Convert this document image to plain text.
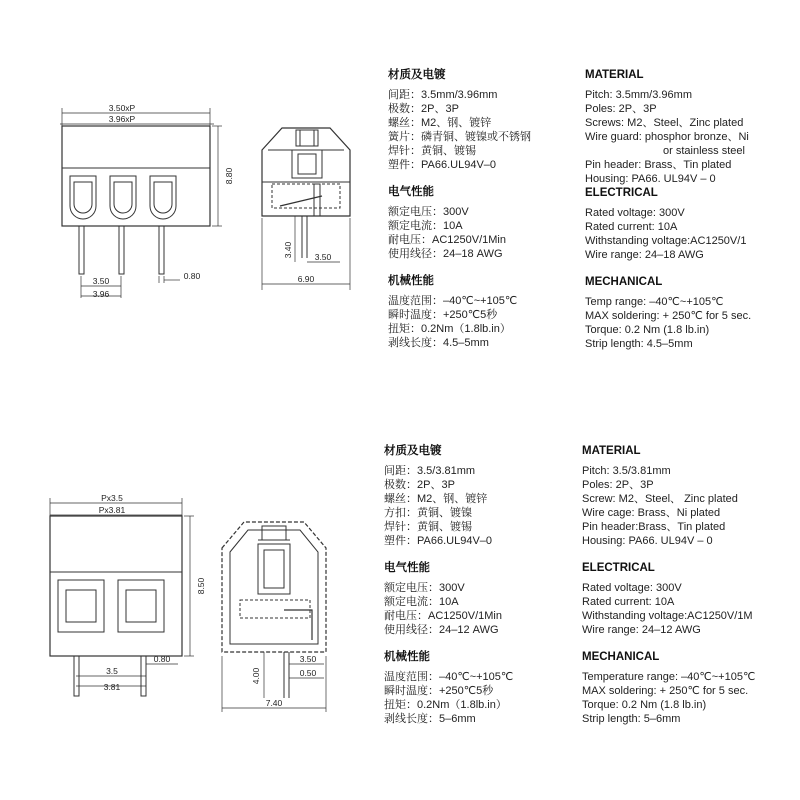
3.50xP
3.96xP
8.80
3.50
3.96
0.80	6.90
3.40	3.50
Px3.5
Px3.81
8.50
3.5
3.81
0.80	3.50
0.50
4.00
7.40
材质及电镀
间距：3.5mm/3.96mm
极数：2P、3P
螺丝：M2、钢、镀锌
簧片：磷青铜、镀镍或不锈钢
焊针：黄铜、镀锡
塑件：PA66.UL94V–0
电气性能
额定电压：300V
额定电流：10A
耐电压：AC1250V/1Min
使用线径：24–18 AWG
机械性能
温度范围：–40℃~+105℃
瞬时温度：+250℃5秒
扭矩：0.2Nm（1.8lb.in）
剥线长度：4.5–5mm
MATERIAL
Pitch: 3.5mm/3.96mm
Poles: 2P、3P
Screws: M2、Steel、Zinc plated
Wire guard: phosphor bronze、Ni
or stainless steel
Pin header: Brass、Tin plated
Housing: PA66. UL94V – 0
ELECTRICAL
Rated voltage: 300V
Rated current: 10A
Withstanding voltage:AC1250V/1
Wire range: 24–18 AWG
MECHANICAL
Temp range: –40℃~+105℃
MAX soldering: + 250℃ for 5 sec.
Torque: 0.2 Nm (1.8 lb.in)
Strip length: 4.5–5mm
材质及电镀
间距：3.5/3.81mm
极数：2P、3P
螺丝：M2、钢、镀锌
方扣：黄铜、镀镍
焊针：黄铜、镀锡
塑件：PA66.UL94V–0
电气性能
额定电压：300V
额定电流：10A
耐电压：AC1250V/1Min
使用线径：24–12 AWG
机械性能
温度范围：–40℃~+105℃
瞬时温度：+250℃5秒
扭矩：0.2Nm（1.8lb.in）
剥线长度：5–6mm
MATERIAL
Pitch: 3.5/3.81mm
Poles: 2P、3P
Screw: M2、Steel、 Zinc plated
Wire cage: Brass、Ni plated
Pin header:Brass、Tin plated
Housing: PA66. UL94V – 0
ELECTRICAL
Rated voltage: 300V
Rated current: 10A
Withstanding voltage:AC1250V/1M
Wire range: 24–12 AWG
MECHANICAL
Temperature range: –40℃~+105℃
MAX soldering: + 250℃ for 5 sec.
Torque: 0.2 Nm (1.8 lb.in)
Strip length: 5–6mm
